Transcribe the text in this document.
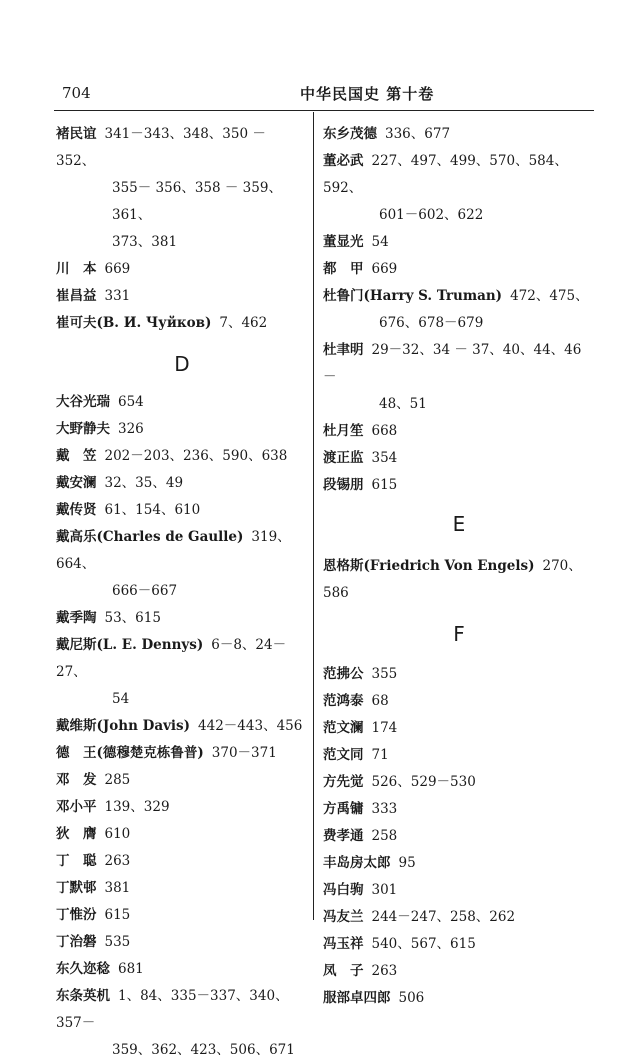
704	中华民国史 第十卷
褚民谊 341－343、348、350 － 352、
355－ 356、358 － 359、361、
373、381
川　本 669
崔昌益 331
崔可夫(В. И. Чуйков) 7、462
D
大谷光瑞 654
大野静夫 326
戴　笠 202－203、236、590、638
戴安澜 32、35、49
戴传贤 61、154、610
戴高乐(Charles de Gaulle) 319、664、
666－667
戴季陶 53、615
戴尼斯(L. E. Dennys) 6－8、24－27、
54
戴维斯(John Davis) 442－443、456
德　王(德穆楚克栋鲁普) 370－371
邓　发 285
邓小平 139、329
狄　膺 610
丁　聪 263
丁默邨 381
丁惟汾 615
丁治磐 535
东久迩稔 681
东条英机 1、84、335－337、340、357－
359、362、423、506、671
东乡茂德 336、677
董必武 227、497、499、570、584、592、
601－602、622
董显光 54
都　甲 669
杜鲁门(Harry S. Truman) 472、475、
676、678－679
杜聿明 29－32、34 － 37、40、44、46 －
48、51
杜月笙 668
渡正监 354
段锡朋 615
E
恩格斯(Friedrich Von Engels) 270、586
F
范拂公 355
范鸿泰 68
范文澜 174
范文同 71
方先觉 526、529－530
方禹镛 333
费孝通 258
丰岛房太郎 95
冯白驹 301
冯友兰 244－247、258、262
冯玉祥 540、567、615
凤　子 263
服部卓四郎 506
